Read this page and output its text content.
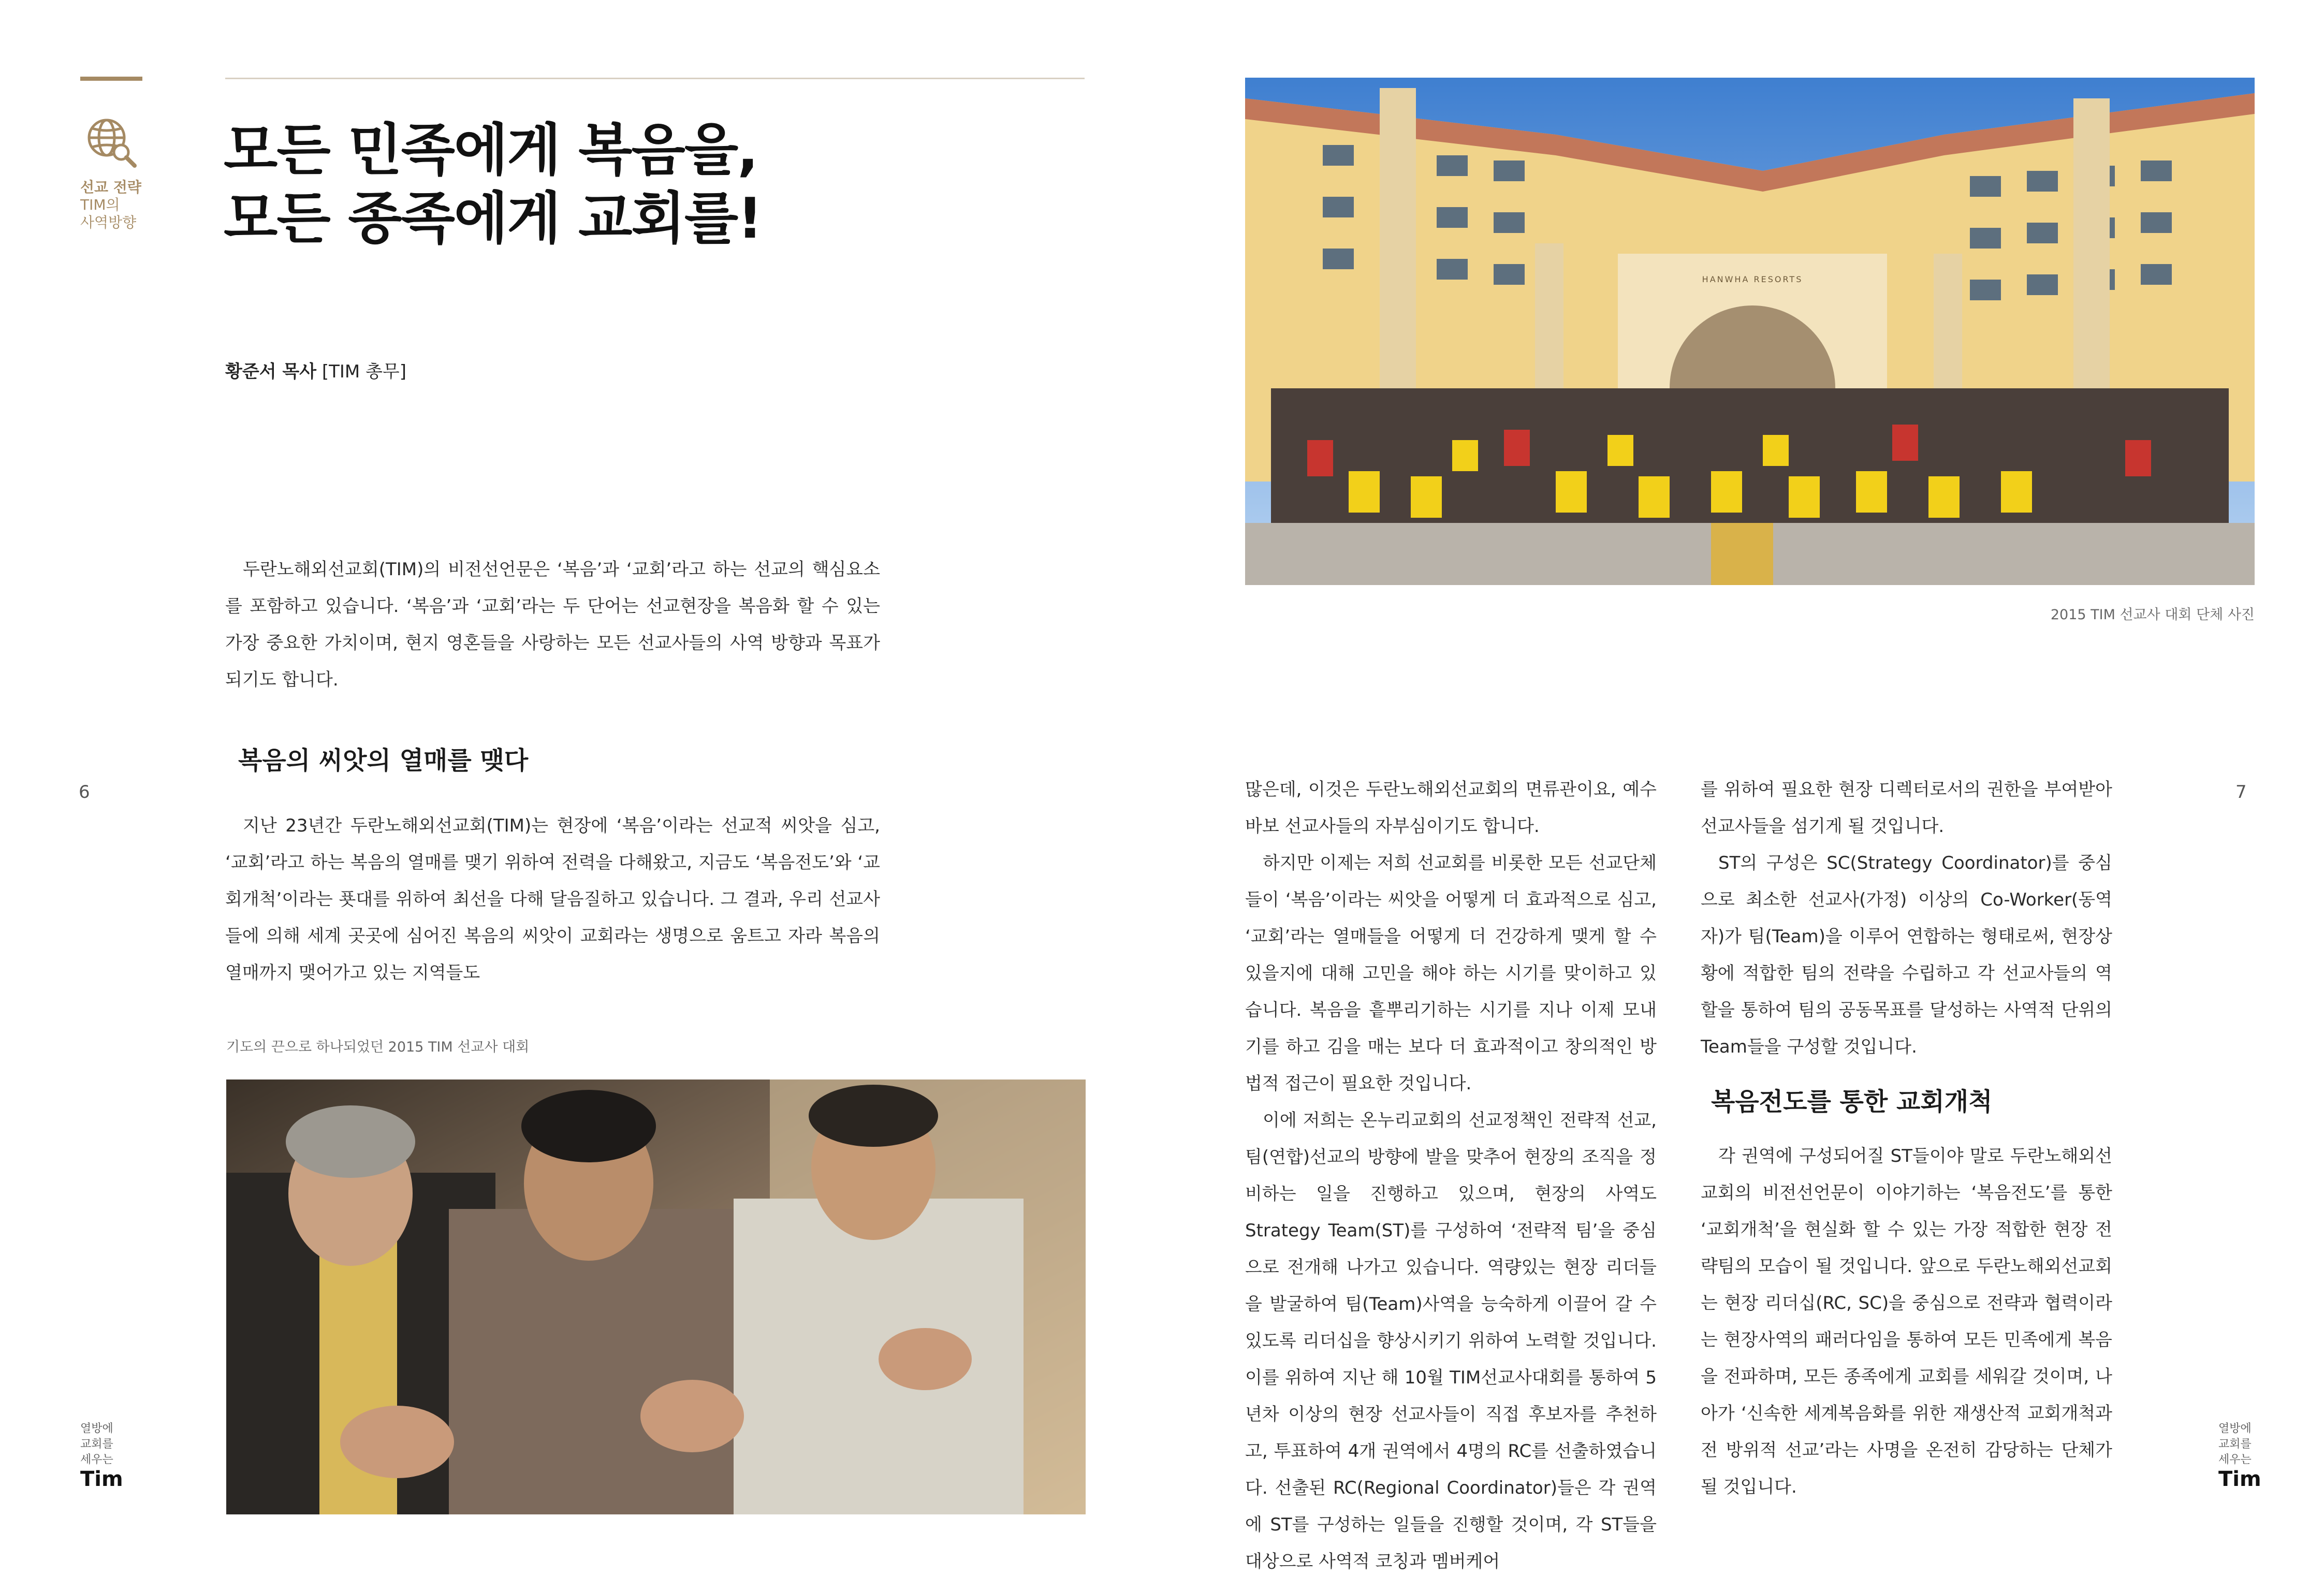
선교 전략
TIM의
사역방향
모든 민족에게 복음을,
모든 종족에게 교회를!
황준서 목사 [TIM 총무]

두란노해외선교회(TIM)의 비전선언문은 ‘복음’과 ‘교회’라고 하는 선교의 핵심요소를 포함하고 있습니다. ‘복음’과 ‘교회’라는 두 단어는 선교현장을 복음화 할 수 있는 가장 중요한 가치이며, 현지 영혼들을 사랑하는 모든 선교사들의 사역 방향과 목표가 되기도 합니다.

복음의 씨앗의 열매를 맺다
6

지난 23년간 두란노해외선교회(TIM)는 현장에 ‘복음’이라는 선교적 씨앗을 심고, ‘교회’라고 하는 복음의 열매를 맺기 위하여 전력을 다해왔고, 지금도 ‘복음전도’와 ‘교회개척’이라는 푯대를 위하여 최선을 다해 달음질하고 있습니다. 그 결과, 우리 선교사들에 의해 세계 곳곳에 심어진 복음의 씨앗이 교회라는 생명으로 움트고 자라 복음의 열매까지 맺어가고 있는 지역들도

기도의 끈으로 하나되었던 2015 TIM 선교사 대회
열방에
교회를
세우는
Tim
HANWHA RESORTS
2015 TIM 선교사 대회 단체 사진

많은데, 이것은 두란노해외선교회의 면류관이요, 예수바보 선교사들의 자부심이기도 합니다.

하지만 이제는 저희 선교회를 비롯한 모든 선교단체들이 ‘복음’이라는 씨앗을 어떻게 더 효과적으로 심고, ‘교회’라는 열매들을 어떻게 더 건강하게 맺게 할 수 있을지에 대해 고민을 해야 하는 시기를 맞이하고 있습니다. 복음을 흩뿌리기하는 시기를 지나 이제 모내기를 하고 김을 매는 보다 더 효과적이고 창의적인 방법적 접근이 필요한 것입니다.

이에 저희는 온누리교회의 선교정책인 전략적 선교, 팀(연합)선교의 방향에 발을 맞추어 현장의 조직을 정비하는 일을 진행하고 있으며, 현장의 사역도 Strategy Team(ST)를 구성하여 ‘전략적 팀’을 중심으로 전개해 나가고 있습니다. 역량있는 현장 리더들을 발굴하여 팀(Team)사역을 능숙하게 이끌어 갈 수 있도록 리더십을 향상시키기 위하여 노력할 것입니다. 이를 위하여 지난 해 10월 TIM선교사대회를 통하여 5년차 이상의 현장 선교사들이 직접 후보자를 추천하고, 투표하여 4개 권역에서 4명의 RC를 선출하였습니다. 선출된 RC(Regional Coordinator)들은 각 권역에 ST를 구성하는 일들을 진행할 것이며, 각 ST들을 대상으로 사역적 코칭과 멤버케어

를 위하여 필요한 현장 디렉터로서의 권한을 부여받아 선교사들을 섬기게 될 것입니다.

ST의 구성은 SC(Strategy Coordinator)를 중심으로 최소한 선교사(가정) 이상의 Co-Worker(동역자)가 팀(Team)을 이루어 연합하는 형태로써, 현장상황에 적합한 팀의 전략을 수립하고 각 선교사들의 역할을 통하여 팀의 공동목표를 달성하는 사역적 단위의 Team들을 구성할 것입니다.

복음전도를 통한 교회개척

각 권역에 구성되어질 ST들이야 말로 두란노해외선교회의 비전선언문이 이야기하는 ‘복음전도’를 통한 ‘교회개척’을 현실화 할 수 있는 가장 적합한 현장 전략팀의 모습이 될 것입니다. 앞으로 두란노해외선교회는 현장 리더십(RC, SC)을 중심으로 전략과 협력이라는 현장사역의 패러다임을 통하여 모든 민족에게 복음을 전파하며, 모든 종족에게 교회를 세워갈 것이며, 나아가 ‘신속한 세계복음화를 위한 재생산적 교회개척과 전 방위적 선교’라는 사명을 온전히 감당하는 단체가 될 것입니다.

7
열방에
교회를
세우는
Tim
